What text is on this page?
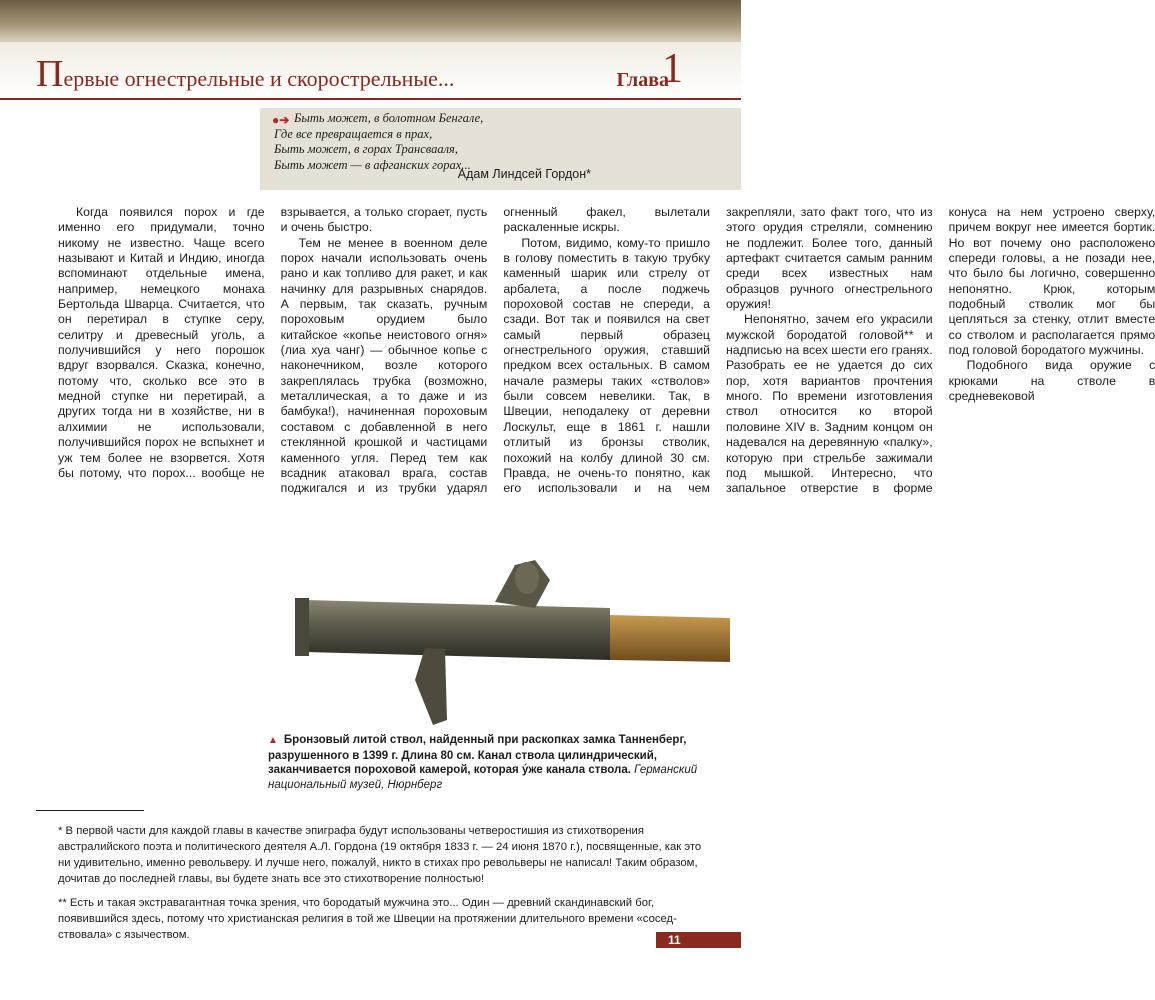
Первые огнестрельные и скорострельные...	Глава
1
●➔ Быть может, в болотном Бенгале,
Где все превращается в прах,
Быть может, в горах Трансвааля,
Быть может — в афганских горах...
Адам Линдсей Гордон*

Когда появился порох и где именно его придумали, точно никому не известно. Чаще всего называют и Китай и Индию, иногда вспоминают отдельные имена, например, немецкого монаха Бертольда Шварца. Считается, что он перетирал в ступке серу, селитру и древесный уголь, а получившийся у него порошок вдруг взорвался. Сказка, конечно, потому что, сколько все это в медной ступке ни перетирай, а других тогда ни в хозяйстве, ни в алхимии не использовали, получившийся порох не вспыхнет и уж тем более не взорвется. Хотя бы потому, что порох... вообще не взрывается, а только сгорает, пусть и очень быстро.

Тем не менее в военном деле порох начали использовать очень рано и как топливо для ракет, и как начинку для разрывных снарядов. А первым, так сказать, ручным пороховым орудием было китайское «копье неистового огня» (лиа хуа чанг) — обычное копье с наконечником, возле которого закреплялась трубка (возможно, металлическая, а то даже и из бамбука!), начиненная пороховым составом с добавленной в него стеклянной крошкой и частицами каменного угля. Перед тем как всадник атаковал врага, состав поджигался и из трубки ударял огненный факел, вылетали раскаленные искры.

Потом, видимо, кому-то пришло в голову поместить в такую трубку каменный шарик или стрелу от арбалета, а после поджечь пороховой состав не спереди, а сзади. Вот так и появился на свет самый первый образец огнестрельного оружия, ставший предком всех остальных. В самом начале размеры таких «стволов» были совсем невелики. Так, в Швеции, неподалеку от деревни Лоскульт, еще в 1861 г. нашли отлитый из бронзы стволик, похожий на колбу длиной 30 см. Правда, не очень-то понятно, как его использовали и на чем закрепляли, зато факт того, что из этого орудия стреляли, сомнению не подлежит. Более того, данный артефакт считается самым ранним среди всех известных нам образцов ручного огнестрельного оружия!

Непонятно, зачем его украсили мужской бородатой головой** и надписью на всех шести его гранях. Разобрать ее не удается до сих пор, хотя вариантов прочтения много. По времени изготовления ствол относится ко второй половине XIV в. Задним концом он надевался на деревянную «палку», которую при стрельбе зажимали под мышкой. Интересно, что запальное отверстие в форме конуса на нем устроено сверху, причем вокруг нее имеется бортик. Но вот почему оно расположено спереди головы, а не позади нее, что было бы логично, совершенно непонятно. Крюк, которым подобный стволик мог бы цепляться за стенку, отлит вместе со стволом и располагается прямо под головой бородатого мужчины.

Подобного вида оружие с крюками на стволе в средневековой

▲ Бронзовый литой ствол, найденный при раскопках замка Танненберг, разрушенного в 1399 г. Длина 80 см. Канал ствола цилиндрический, заканчивается пороховой камерой, которая у́же канала ствола. Германский национальный музей, Нюрнберг

* В первой части для каждой главы в качестве эпиграфа будут использованы четверостишия из стихотворения австралийского поэта и политического деятеля А.Л. Гордона (19 октября 1833 г. — 24 июня 1870 г.), посвященные, как это ни удивительно, именно револьверу. И лучше него, пожалуй, никто в стихах про револьверы не написал! Таким образом, дочитав до последней главы, вы будете знать все это стихотворение полностью!

** Есть и такая экстравагантная точка зрения, что бородатый мужчина это... Один — древний скандинавский бог, появившийся здесь, потому что христианская религия в той же Швеции на протяжении длительного времени «соседствовала» с язычеством.	11
